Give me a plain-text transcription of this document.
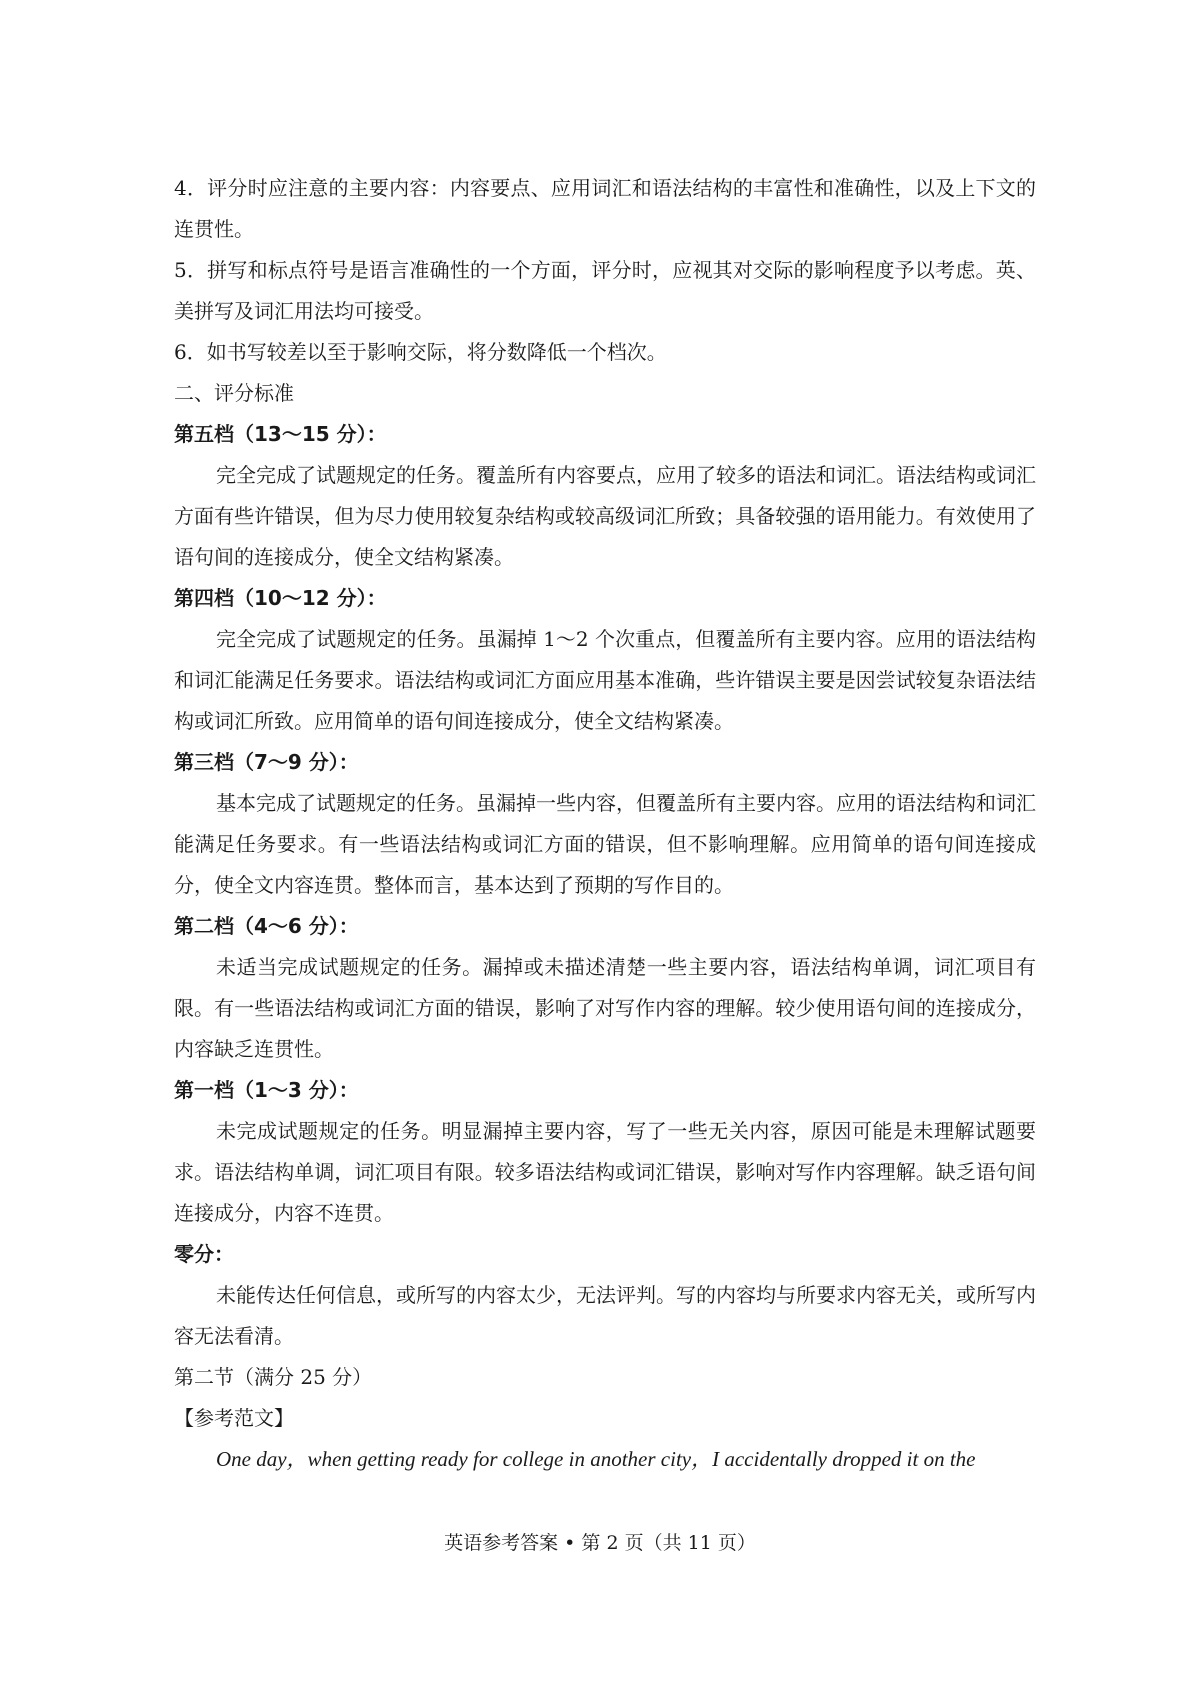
4．评分时应注意的主要内容：内容要点、应用词汇和语法结构的丰富性和准确性，以及上下文的连贯性。

5．拼写和标点符号是语言准确性的一个方面，评分时，应视其对交际的影响程度予以考虑。英、美拼写及词汇用法均可接受。

6．如书写较差以至于影响交际，将分数降低一个档次。

二、评分标准

第五档（13～15 分）：

完全完成了试题规定的任务。覆盖所有内容要点，应用了较多的语法和词汇。语法结构或词汇方面有些许错误，但为尽力使用较复杂结构或较高级词汇所致；具备较强的语用能力。有效使用了语句间的连接成分，使全文结构紧凑。

第四档（10～12 分）：

完全完成了试题规定的任务。虽漏掉 1～2 个次重点，但覆盖所有主要内容。应用的语法结构和词汇能满足任务要求。语法结构或词汇方面应用基本准确，些许错误主要是因尝试较复杂语法结构或词汇所致。应用简单的语句间连接成分，使全文结构紧凑。

第三档（7～9 分）：

基本完成了试题规定的任务。虽漏掉一些内容，但覆盖所有主要内容。应用的语法结构和词汇能满足任务要求。有一些语法结构或词汇方面的错误，但不影响理解。应用简单的语句间连接成分，使全文内容连贯。整体而言，基本达到了预期的写作目的。

第二档（4～6 分）：

未适当完成试题规定的任务。漏掉或未描述清楚一些主要内容，语法结构单调，词汇项目有限。有一些语法结构或词汇方面的错误，影响了对写作内容的理解。较少使用语句间的连接成分，内容缺乏连贯性。

第一档（1～3 分）：

未完成试题规定的任务。明显漏掉主要内容，写了一些无关内容，原因可能是未理解试题要求。语法结构单调，词汇项目有限。较多语法结构或词汇错误，影响对写作内容理解。缺乏语句间连接成分，内容不连贯。

零分：

未能传达任何信息，或所写的内容太少，无法评判。写的内容均与所要求内容无关，或所写内容无法看清。

第二节（满分 25 分）

【参考范文】

One day，when getting ready for college in another city，I accidentally dropped it on the

英语参考答案 • 第 2 页（共 11 页）
